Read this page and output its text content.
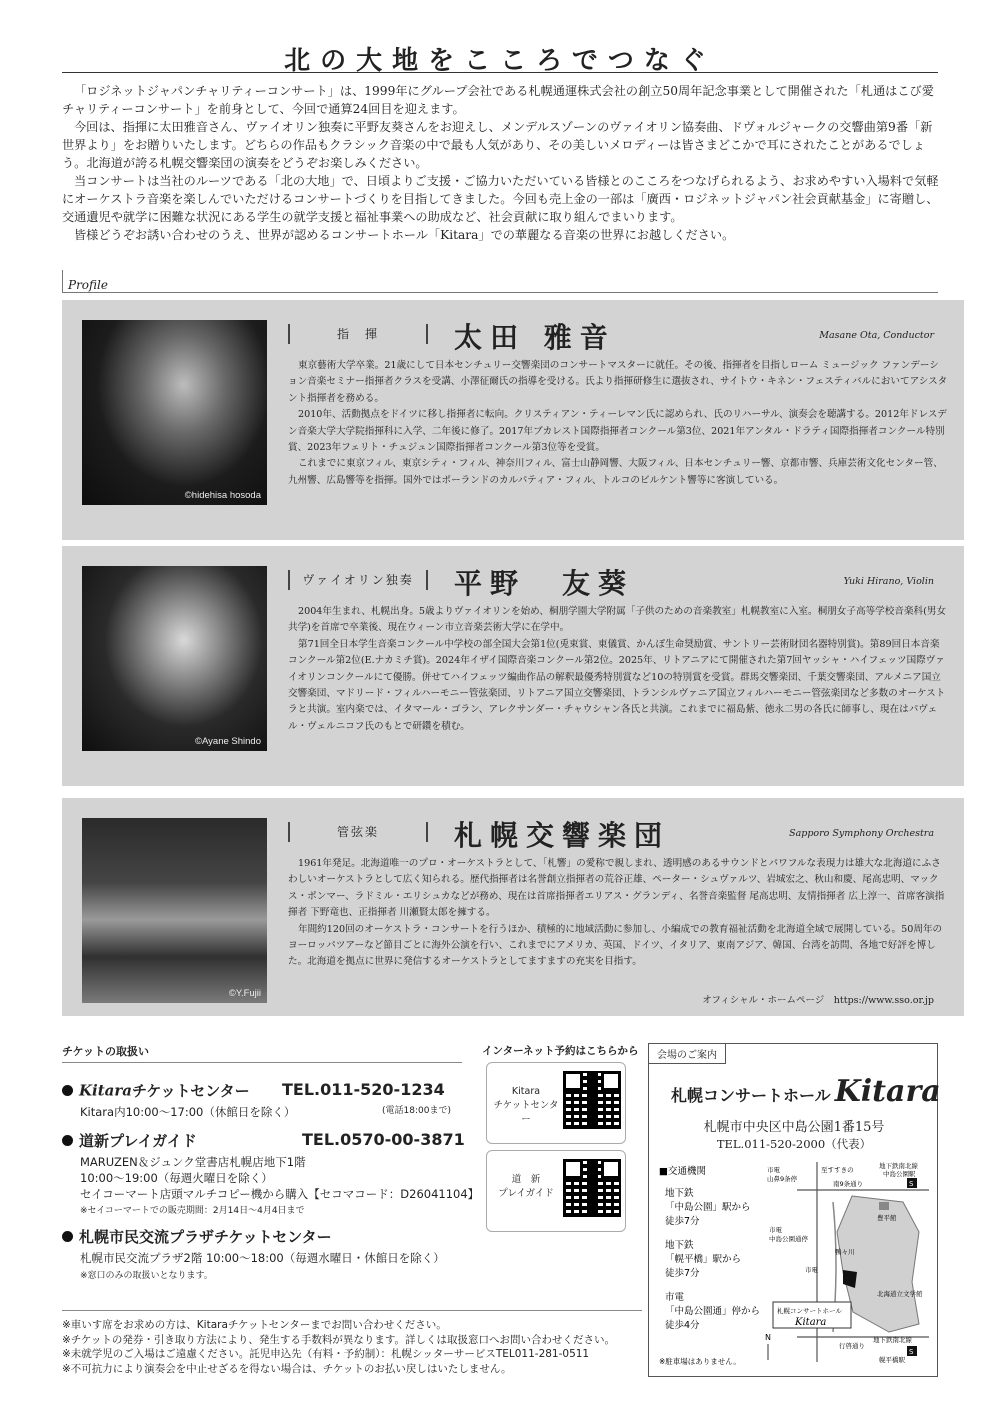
北の大地をこころでつなぐ

「ロジネットジャパンチャリティーコンサート」は、1999年にグループ会社である札幌通運株式会社の創立50周年記念事業として開催された「札通はこび愛チャリティーコンサート」を前身として、今回で通算24回目を迎えます。

今回は、指揮に太田雅音さん、ヴァイオリン独奏に平野友葵さんをお迎えし、メンデルスゾーンのヴァイオリン協奏曲、ドヴォルジャークの交響曲第9番「新世界より」をお贈りいたします。どちらの作品もクラシック音楽の中で最も人気があり、その美しいメロディーは皆さまどこかで耳にされたことがあるでしょう。北海道が誇る札幌交響楽団の演奏をどうぞお楽しみください。

当コンサートは当社のルーツである「北の大地」で、日頃よりご支援・ご協力いただいている皆様とのこころをつなげられるよう、お求めやすい入場料で気軽にオーケストラ音楽を楽しんでいただけるコンサートづくりを目指してきました。今回も売上金の一部は「廣西・ロジネットジャパン社会貢献基金」に寄贈し、交通遺児や就学に困難な状況にある学生の就学支援と福祉事業への助成など、社会貢献に取り組んでまいります。

皆様どうぞお誘い合わせのうえ、世界が認めるコンサートホール「Kitara」での華麗なる音楽の世界にお越しください。

Profile
©hidehisa hosoda
指　揮	太田 雅音	Masane Ota, Conductor

東京藝術大学卒業。21歳にして日本センチュリー交響楽団のコンサートマスターに就任。その後、指揮者を目指しローム ミュージック ファンデーション音楽セミナー指揮者クラスを受講、小澤征爾氏の指導を受ける。氏より指揮研修生に選抜され、サイトウ・キネン・フェスティバルにおいてアシスタント指揮者を務める。

2010年、活動拠点をドイツに移し指揮者に転向。クリスティアン・ティーレマン氏に認められ、氏のリハーサル、演奏会を聴講する。2012年ドレスデン音楽大学大学院指揮科に入学、二年後に修了。2017年ブカレスト国際指揮者コンクール第3位、2021年アンタル・ドラティ国際指揮者コンクール特別賞、2023年フェリト・チュジュン国際指揮者コンクール第3位等を受賞。

これまでに東京フィル、東京シティ・フィル、神奈川フィル、富士山静岡響、大阪フィル、日本センチュリー響、京都市響、兵庫芸術文化センター管、九州響、広島響等を指揮。国外ではポーランドのカルパティア・フィル、トルコのビルケント響等に客演している。

©Ayane Shindo
ヴァイオリン独奏	平野　友葵	Yuki Hirano, Violin

2004年生まれ、札幌出身。5歳よりヴァイオリンを始め、桐朋学園大学附属「子供のための音楽教室」札幌教室に入室。桐朋女子高等学校音楽科(男女共学)を首席で卒業後、現在ウィーン市立音楽芸術大学に在学中。

第71回全日本学生音楽コンクール中学校の部全国大会第1位(兎束賞、東儀賞、かんぽ生命奨励賞、サントリー芸術財団名器特別賞)。第89回日本音楽コンクール第2位(E.ナカミチ賞)。2024年イザイ国際音楽コンクール第2位。2025年、リトアニアにて開催された第7回ヤッシャ・ハイフェッツ国際ヴァイオリンコンクールにて優勝。併せてハイフェッツ編曲作品の解釈最優秀特別賞など10の特別賞を受賞。群馬交響楽団、千葉交響楽団、アルメニア国立交響楽団、マドリード・フィルハーモニー管弦楽団、リトアニア国立交響楽団、トランシルヴァニア国立フィルハーモニー管弦楽団など多数のオーケストラと共演。室内楽では、イタマール・ゴラン、アレクサンダー・チャウシャン各氏と共演。これまでに福島紫、徳永二男の各氏に師事し、現在はパヴェル・ヴェルニコフ氏のもとで研鑽を積む。

©Y.Fujii
管弦楽	札幌交響楽団	Sapporo Symphony Orchestra

1961年発足。北海道唯一のプロ・オーケストラとして、「札響」の愛称で親しまれ、透明感のあるサウンドとパワフルな表現力は雄大な北海道にふさわしいオーケストラとして広く知られる。歴代指揮者は名誉創立指揮者の荒谷正雄、ペーター・シュヴァルツ、岩城宏之、秋山和慶、尾高忠明、マックス・ポンマー、ラドミル・エリシュカなどが務め、現在は首席指揮者エリアス・グランディ、名誉音楽監督 尾高忠明、友情指揮者 広上淳一、首席客演指揮者 下野竜也、正指揮者 川瀬賢太郎を擁する。

年間約120回のオーケストラ・コンサートを行うほか、積極的に地域活動に参加し、小編成での教育福祉活動を北海道全域で展開している。50周年のヨーロッパツアーなど節目ごとに海外公演を行い、これまでにアメリカ、英国、ドイツ、イタリア、東南アジア、韓国、台湾を訪問、各地で好評を博した。北海道を拠点に世界に発信するオーケストラとしてますますの充実を目指す。

オフィシャル・ホームページ　https://www.sso.or.jp
チケットの取扱い
Kitaraチケットセンター TEL.011-520-1234
Kitara内10:00〜17:00（休館日を除く）	(電話18:00まで)
道新プレイガイド	TEL.0570-00-3871
MARUZEN＆ジュンク堂書店札幌店地下1階
10:00〜19:00（毎週火曜日を除く）
セイコーマート店頭マルチコピー機から購入【セコマコード：D26041104】
※セイコーマートでの販売期間：2月14日〜4月4日まで
札幌市民交流プラザチケットセンター
札幌市民交流プラザ2階 10:00〜18:00（毎週水曜日・休館日を除く）
※窓口のみの取扱いとなります。
インターネット予約はこちらから
Kitara
チケットセンター
道　新
プレイガイド
会場のご案内
札幌コンサートホール Kitara
札幌市中央区中島公園1番15号
TEL.011-520-2000（代表）
■交通機関
地下鉄
「中島公園」駅から
徒歩7分
地下鉄
「幌平橋」駅から
徒歩7分
市電
「中島公園通」停から
徒歩4分
※駐車場はありません。
S
S
市電
山鼻9条停
至すすきの
南9条通り
地下鉄南北線
中島公園駅
豊平館
市電
中島公園通停
鴨々川
市電
北海道立文学館
札幌コンサートホール
Kitara
行啓通り
地下鉄南北線
幌平橋駅
N
※車いす席をお求めの方は、Kitaraチケットセンターまでお問い合わせください。
※チケットの発券・引き取り方法により、発生する手数料が異なります。詳しくは取扱窓口へお問い合わせください。
※未就学児のご入場はご遠慮ください。託児申込先（有料・予約制）：札幌シッターサービスTEL011-281-0511
※不可抗力により演奏会を中止せざるを得ない場合は、チケットのお払い戻しはいたしません。
